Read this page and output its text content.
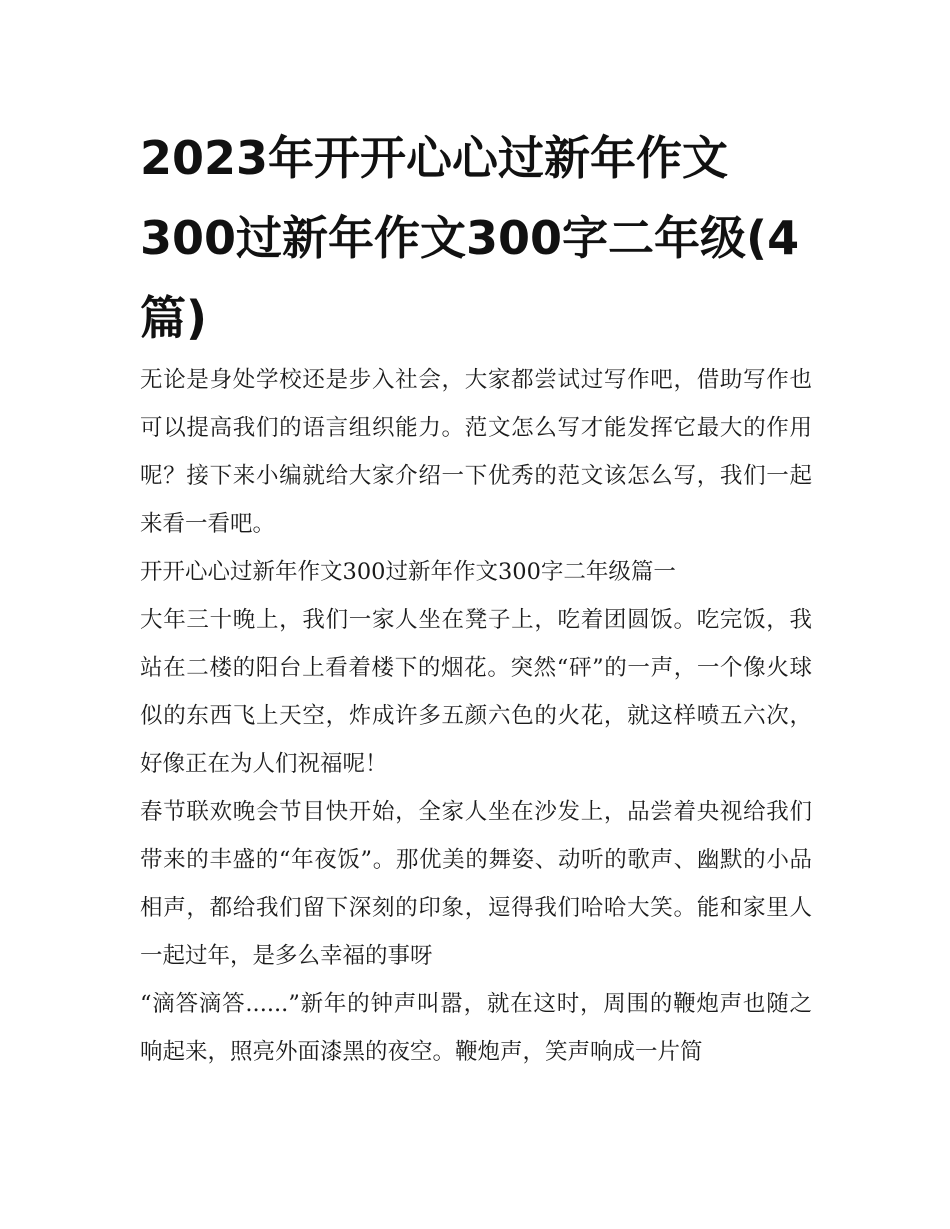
2023年开开心心过新年作文300过新年作文300字二年级(4篇)

无论是身处学校还是步入社会，大家都尝试过写作吧，借助写作也可以提高我们的语言组织能力。范文怎么写才能发挥它最大的作用呢？接下来小编就给大家介绍一下优秀的范文该怎么写，我们一起来看一看吧。

开开心心过新年作文300过新年作文300字二年级篇一

大年三十晚上，我们一家人坐在凳子上，吃着团圆饭。吃完饭，我站在二楼的阳台上看着楼下的烟花。突然“砰”的一声，一个像火球似的东西飞上天空，炸成许多五颜六色的火花，就这样喷五六次，好像正在为人们祝福呢！

春节联欢晚会节目快开始，全家人坐在沙发上，品尝着央视给我们带来的丰盛的“年夜饭”。那优美的舞姿、动听的歌声、幽默的小品相声，都给我们留下深刻的印象，逗得我们哈哈大笑。能和家里人一起过年，是多么幸福的事呀

“滴答滴答......”新年的钟声叫嚣，就在这时，周围的鞭炮声也随之响起来，照亮外面漆黑的夜空。鞭炮声，笑声响成一片简
